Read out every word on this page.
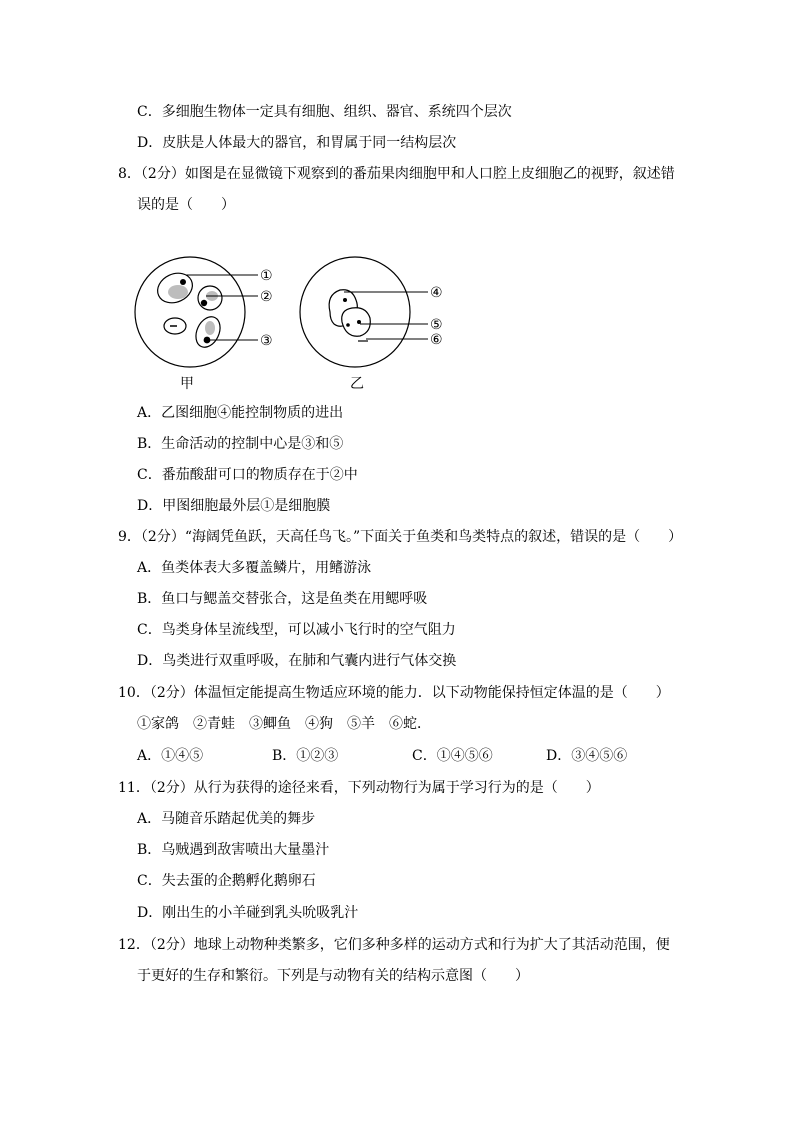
C．多细胞生物体一定具有细胞、组织、器官、系统四个层次
D．皮肤是人体最大的器官，和胃属于同一结构层次
8．（2分）如图是在显微镜下观察到的番茄果肉细胞甲和人口腔上皮细胞乙的视野，叙述错
误的是（　　）
①
②
③
④
⑤
⑥
甲	乙
A．乙图细胞④能控制物质的进出
B．生命活动的控制中心是③和⑤
C．番茄酸甜可口的物质存在于②中
D．甲图细胞最外层①是细胞膜
9．（2分）“海阔凭鱼跃，天高任鸟飞。”下面关于鱼类和鸟类特点的叙述，错误的是（　　）
A．鱼类体表大多覆盖鳞片，用鳍游泳
B．鱼口与鳃盖交替张合，这是鱼类在用鳃呼吸
C．鸟类身体呈流线型，可以减小飞行时的空气阻力
D．鸟类进行双重呼吸，在肺和气囊内进行气体交换
10．（2分）体温恒定能提高生物适应环境的能力．以下动物能保持恒定体温的是（　　）
①家鸽　②青蛙　③鲫鱼　④狗　⑤羊　⑥蛇．
A．①④⑤	B．①②③	C．①④⑤⑥	D．③④⑤⑥
11．（2分）从行为获得的途径来看，下列动物行为属于学习行为的是（　　）
A．马随音乐踏起优美的舞步
B．乌贼遇到敌害喷出大量墨汁
C．失去蛋的企鹅孵化鹅卵石
D．刚出生的小羊碰到乳头吮吸乳汁
12．（2分）地球上动物种类繁多，它们多种多样的运动方式和行为扩大了其活动范围，便
于更好的生存和繁衍。下列是与动物有关的结构示意图（　　）
